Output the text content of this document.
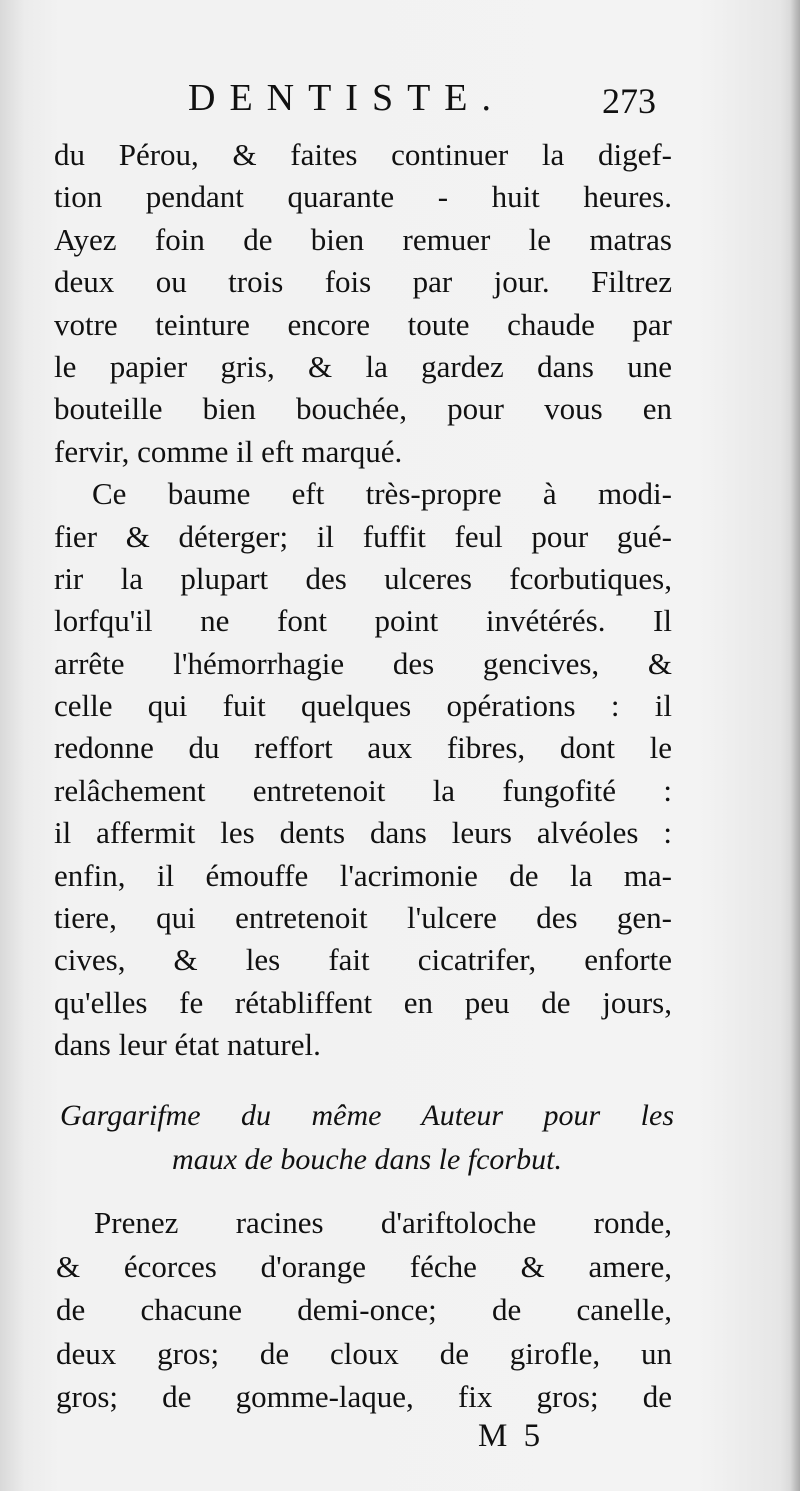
DENTISTE.	273
du Pérou, & faites continuer la digef-
tion pendant quarante - huit heures.
Ayez foin de bien remuer le matras
deux ou trois fois par jour. Filtrez
votre teinture encore toute chaude par
le papier gris, & la gardez dans une
bouteille bien bouchée, pour vous en
fervir, comme il eft marqué.
Ce baume eft très-propre à modi-
fier & déterger; il fuffit feul pour gué-
rir la plupart des ulceres fcorbutiques,
lorfqu'il ne font point invétérés. Il
arrête l'hémorrhagie des gencives, &
celle qui fuit quelques opérations : il
redonne du reffort aux fibres, dont le
relâchement entretenoit la fungofité :
il affermit les dents dans leurs alvéoles :
enfin, il émouffe l'acrimonie de la ma-
tiere, qui entretenoit l'ulcere des gen-
cives, & les fait cicatrifer, enforte
qu'elles fe rétabliffent en peu de jours,
dans leur état naturel.
Gargarifme du même Auteur pour les
maux de bouche dans le fcorbut.
Prenez racines d'ariftoloche ronde,
& écorces d'orange féche & amere,
de chacune demi-once; de canelle,
deux gros; de cloux de girofle, un
gros; de gomme-laque, fix gros; de
M 5
